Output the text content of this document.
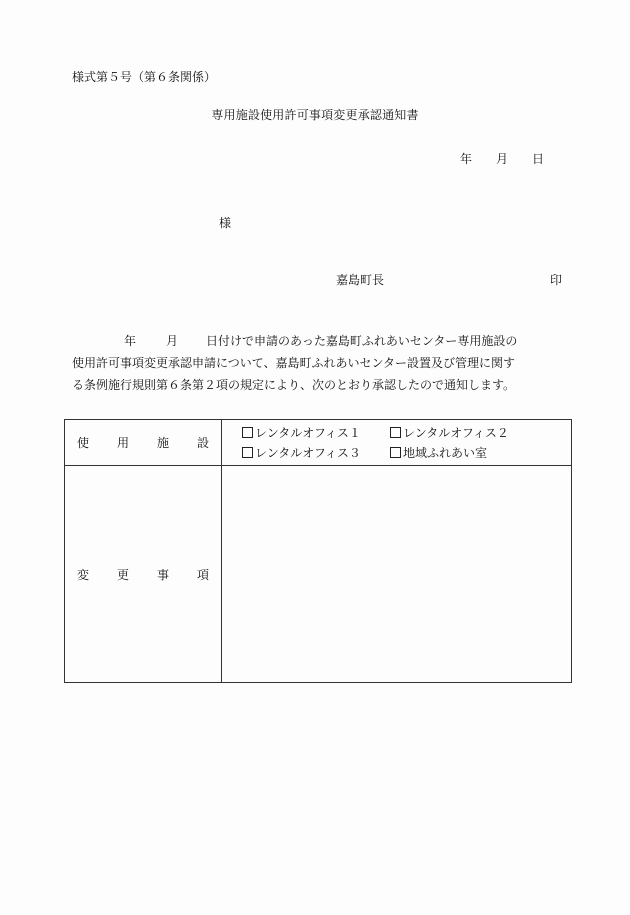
様式第５号（第６条関係）
専用施設使用許可事項変更承認通知書
年 月 日
様
嘉島町長	印
年	月 日付けで申請のあった嘉島町ふれあいセンター専用施設の
使用許可事項変更承認申請について、嘉島町ふれあいセンター設置及び管理に関す
る条例施行規則第６条第２項の規定により、次のとおり承認したので通知します。
使 用 施 設	レンタルオフィス１ レンタルオフィス２
レンタルオフィス３ 地域ふれあい室

変 更 事 項	
